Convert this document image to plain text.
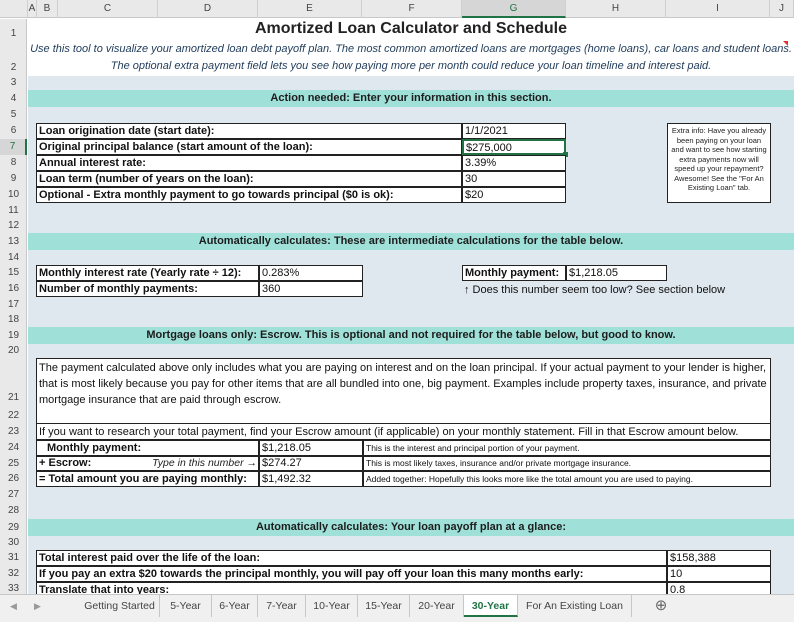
A B	C	D	E	F	G	H	I	J
1
2
3
4
5
6
7
8
9
10
11
12
13
14
15
16
17
18
19
20
21
22
23
24
25
26
27
28
29
30
31
32
33
Amortized Loan Calculator and Schedule
Use this tool to visualize your amortized loan debt payoff plan. The most common amortized loans are mortgages (home loans), car loans and student loans.
The optional extra payment field lets you see how paying more per month could reduce your loan timeline and interest paid.
Action needed: Enter your information in this section.
Loan origination date (start date):	1/1/2021
Original principal balance (start amount of the loan):	$275,000
Annual interest rate:	3.39%
Loan term (number of years on the loan):	30
Optional - Extra monthly payment to go towards principal ($0 is ok):	$20
Extra info: Have you already been paying on your loan and want to see how starting extra payments now will speed up your repayment? Awesome! See the "For An Existing Loan" tab.
Automatically calculates: These are intermediate calculations for the table below.
Monthly interest rate (Yearly rate ÷ 12):	0.283%
Number of monthly payments:	360
Monthly payment: $1,218.05
↑ Does this number seem too low? See section below
Mortgage loans only: Escrow. This is optional and not required for the table below, but good to know.
The payment calculated above only includes what you are paying on interest and on the loan principal. If your actual payment to your lender is higher, that is most likely because you pay for other items that are all bundled into one, big payment. Examples include property taxes, insurance, and private mortgage insurance that are paid through escrow.
If you want to research your total payment, find your Escrow amount (if applicable) on your monthly statement. Fill in that Escrow amount below.
Monthly payment:	$1,218.05	This is the interest and principal portion of your payment.
+ Escrow:	Type in this number → $274.27	This is most likely taxes, insurance and/or private mortgage insurance.
= Total amount you are paying monthly:	$1,492.32	Added together: Hopefully this looks more like the total amount you are used to paying.
Automatically calculates: Your loan payoff plan at a glance:
Total interest paid over the life of the loan:	$158,388
If you pay an extra $20 towards the principal monthly, you will pay off your loan this many months early:	10
Translate that into years:	0.8
◀	▶	Getting Started	5-Year	6-Year	7-Year	10-Year	15-Year	20-Year	30-Year	For An Existing Loan	⊕
